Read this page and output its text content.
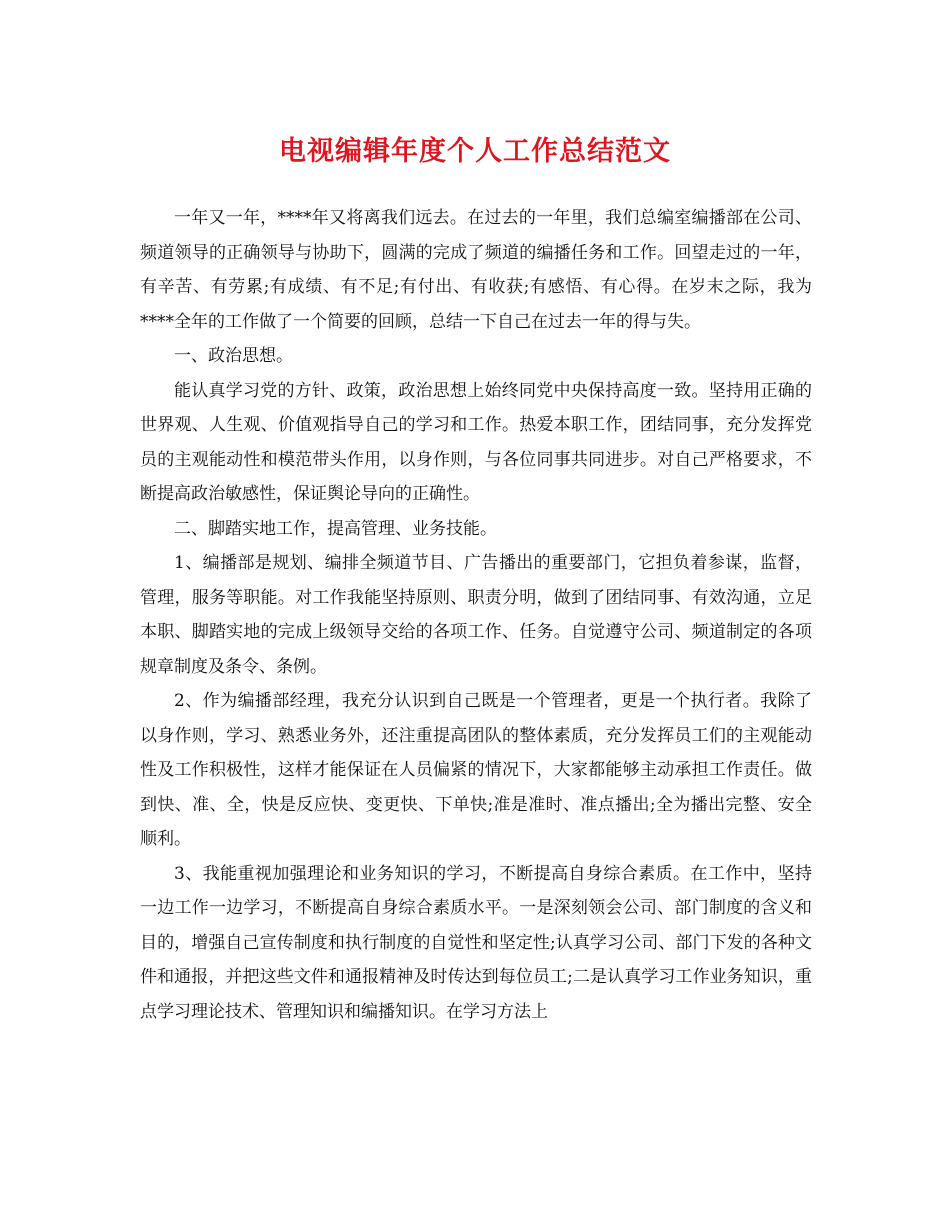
电视编辑年度个人工作总结范文

一年又一年，****年又将离我们远去。在过去的一年里，我们总编室编播部在公司、频道领导的正确领导与协助下，圆满的完成了频道的编播任务和工作。回望走过的一年，有辛苦、有劳累;有成绩、有不足;有付出、有收获;有感悟、有心得。在岁末之际，我为****全年的工作做了一个简要的回顾，总结一下自己在过去一年的得与失。

一、政治思想。

能认真学习党的方针、政策，政治思想上始终同党中央保持高度一致。坚持用正确的世界观、人生观、价值观指导自己的学习和工作。热爱本职工作，团结同事，充分发挥党员的主观能动性和模范带头作用，以身作则，与各位同事共同进步。对自己严格要求，不断提高政治敏感性，保证舆论导向的正确性。

二、脚踏实地工作，提高管理、业务技能。

1、编播部是规划、编排全频道节目、广告播出的重要部门，它担负着参谋，监督，管理，服务等职能。对工作我能坚持原则、职责分明，做到了团结同事、有效沟通，立足本职、脚踏实地的完成上级领导交给的各项工作、任务。自觉遵守公司、频道制定的各项规章制度及条令、条例。

2、作为编播部经理，我充分认识到自己既是一个管理者，更是一个执行者。我除了以身作则，学习、熟悉业务外，还注重提高团队的整体素质，充分发挥员工们的主观能动性及工作积极性，这样才能保证在人员偏紧的情况下，大家都能够主动承担工作责任。做到快、准、全，快是反应快、变更快、下单快;准是准时、准点播出;全为播出完整、安全顺利。

3、我能重视加强理论和业务知识的学习，不断提高自身综合素质。在工作中，坚持一边工作一边学习，不断提高自身综合素质水平。一是深刻领会公司、部门制度的含义和目的，增强自己宣传制度和执行制度的自觉性和坚定性;认真学习公司、部门下发的各种文件和通报，并把这些文件和通报精神及时传达到每位员工;二是认真学习工作业务知识，重点学习理论技术、管理知识和编播知识。在学习方法上
